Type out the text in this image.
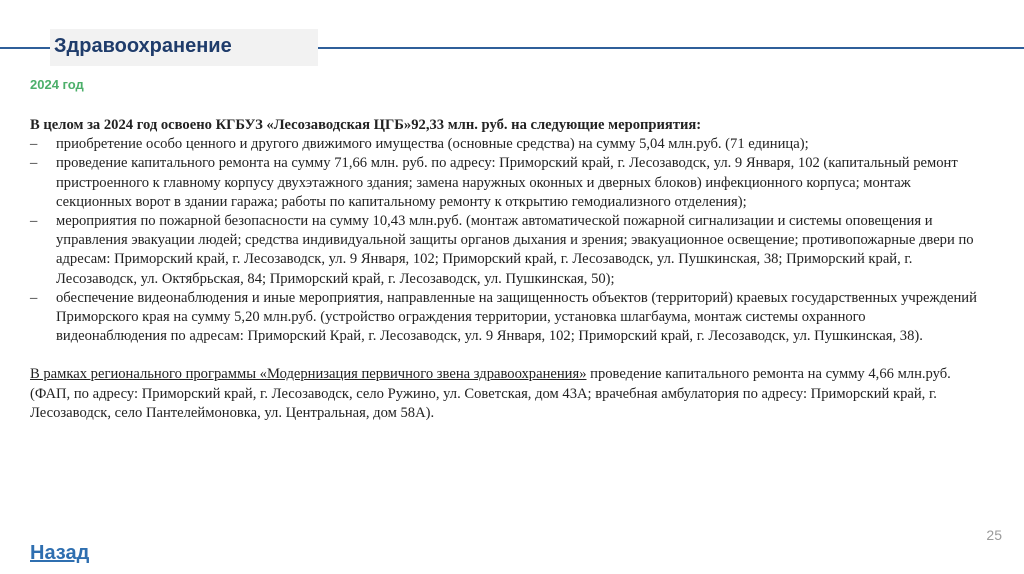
Здравоохранение
2024 год
В целом за 2024 год освоено КГБУЗ «Лесозаводская ЦГБ»92,33 млн. руб. на следующие мероприятия:
– приобретение особо ценного и другого движимого имущества (основные средства) на сумму 5,04 млн.руб. (71 единица);
– проведение капитального ремонта на сумму 71,66 млн. руб. по адресу: Приморский край, г. Лесозаводск, ул. 9 Января, 102 (капитальный ремонт пристроенного к главному корпусу двухэтажного здания; замена наружных оконных и дверных блоков) инфекционного корпуса; монтаж секционных ворот в здании гаража; работы по капитальному ремонту к открытию гемодиализного отделения);
– мероприятия по пожарной безопасности на сумму 10,43 млн.руб. (монтаж автоматической пожарной сигнализации и системы оповещения и управления эвакуации людей; средства индивидуальной защиты органов дыхания и зрения; эвакуационное освещение; противопожарные двери по адресам: Приморский край, г. Лесозаводск, ул. 9 Января, 102; Приморский край, г. Лесозаводск, ул. Пушкинская, 38; Приморский край, г. Лесозаводск, ул. Октябрьская, 84; Приморский край, г. Лесозаводск, ул. Пушкинская, 50);
– обеспечение видеонаблюдения и иные мероприятия, направленные на защищенность объектов (территорий) краевых государственных учреждений Приморского края на сумму 5,20 млн.руб. (устройство ограждения территории, установка шлагбаума, монтаж системы охранного видеонаблюдения по адресам: Приморский Край, г. Лесозаводск, ул. 9 Января, 102; Приморский край, г. Лесозаводск, ул. Пушкинская, 38).
В рамках регионального программы «Модернизация первичного звена здравоохранения» проведение капитального ремонта на сумму 4,66 млн.руб. (ФАП, по адресу: Приморский край, г. Лесозаводск, село Ружино, ул. Советская, дом 43А; врачебная амбулатория по адресу: Приморский край, г. Лесозаводск, село Пантелеймоновка, ул. Центральная, дом 58А).
25
Назад
